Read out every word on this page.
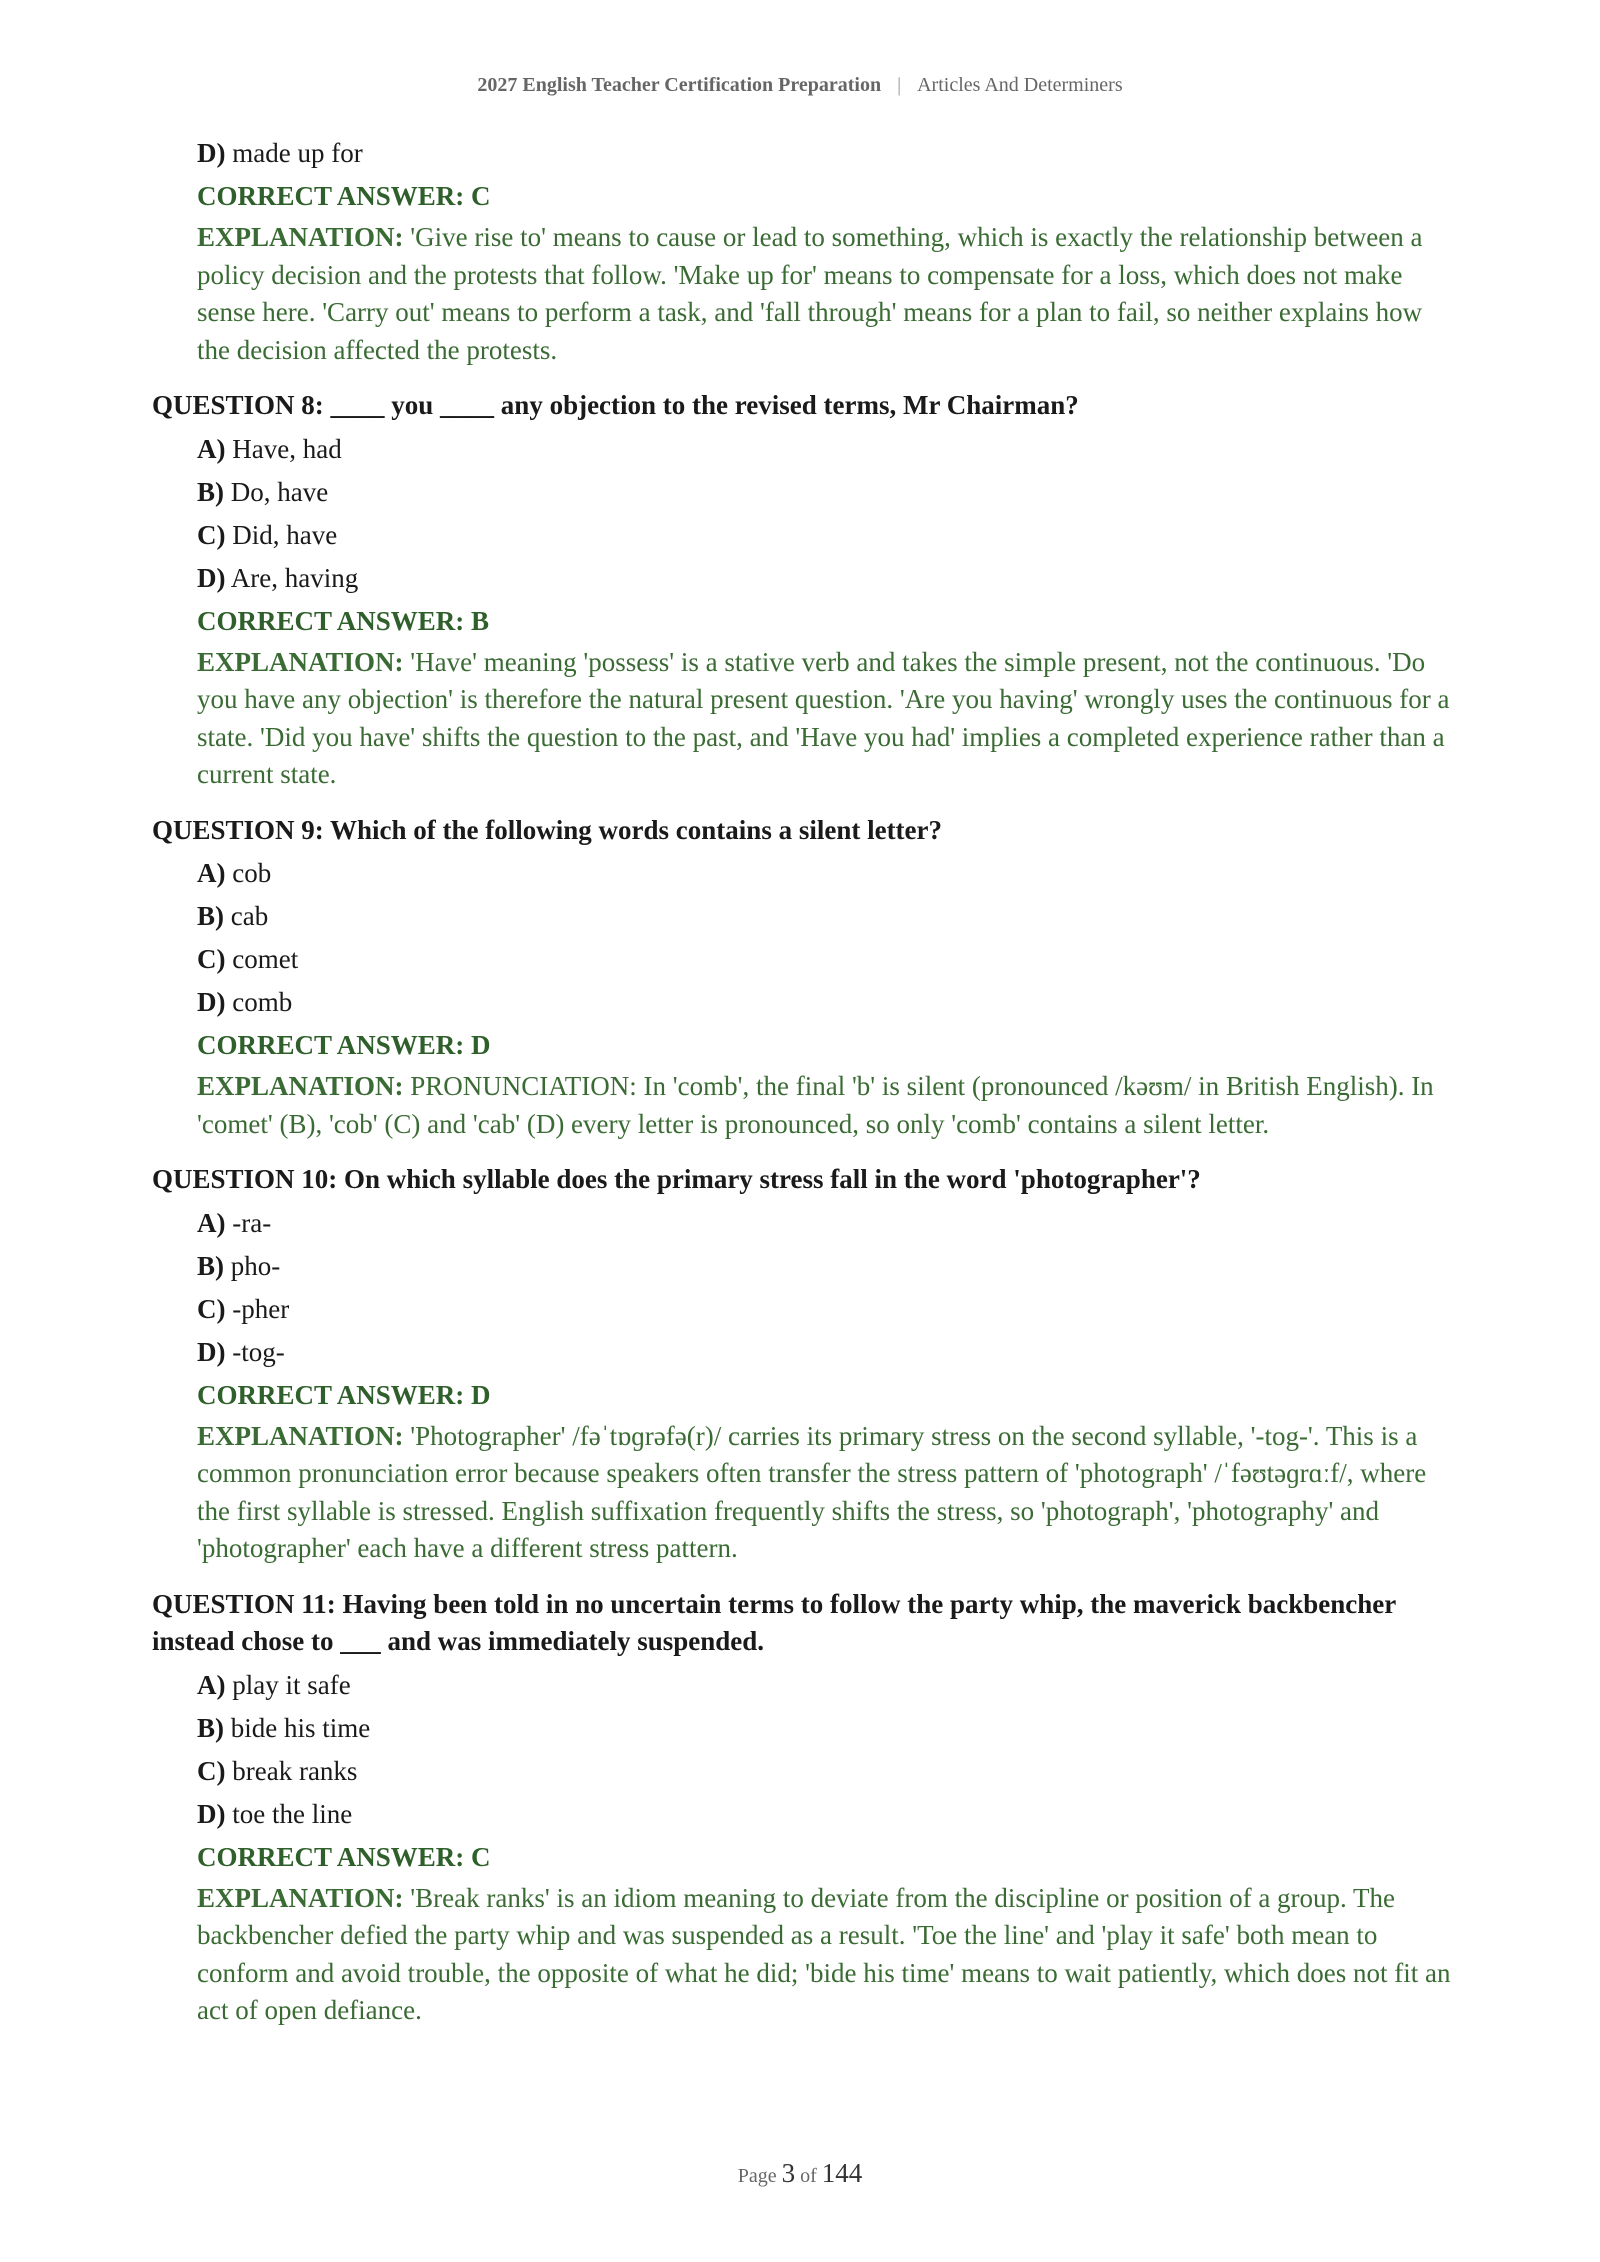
2027 English Teacher Certification Preparation | Articles And Determiners
D) made up for
CORRECT ANSWER: C
EXPLANATION: 'Give rise to' means to cause or lead to something, which is exactly the relationship between a policy decision and the protests that follow. 'Make up for' means to compensate for a loss, which does not make sense here. 'Carry out' means to perform a task, and 'fall through' means for a plan to fail, so neither explains how the decision affected the protests.
QUESTION 8: ____ you ____ any objection to the revised terms, Mr Chairman?
A) Have, had
B) Do, have
C) Did, have
D) Are, having
CORRECT ANSWER: B
EXPLANATION: 'Have' meaning 'possess' is a stative verb and takes the simple present, not the continuous. 'Do you have any objection' is therefore the natural present question. 'Are you having' wrongly uses the continuous for a state. 'Did you have' shifts the question to the past, and 'Have you had' implies a completed experience rather than a current state.
QUESTION 9: Which of the following words contains a silent letter?
A) cob
B) cab
C) comet
D) comb
CORRECT ANSWER: D
EXPLANATION: PRONUNCIATION: In 'comb', the final 'b' is silent (pronounced /kəʊm/ in British English). In 'comet' (B), 'cob' (C) and 'cab' (D) every letter is pronounced, so only 'comb' contains a silent letter.
QUESTION 10: On which syllable does the primary stress fall in the word 'photographer'?
A) -ra-
B) pho-
C) -pher
D) -tog-
CORRECT ANSWER: D
EXPLANATION: 'Photographer' /fəˈtɒɡrəfə(r)/ carries its primary stress on the second syllable, '-tog-'. This is a common pronunciation error because speakers often transfer the stress pattern of 'photograph' /ˈfəʊtəɡrɑːf/, where the first syllable is stressed. English suffixation frequently shifts the stress, so 'photograph', 'photography' and 'photographer' each have a different stress pattern.
QUESTION 11: Having been told in no uncertain terms to follow the party whip, the maverick backbencher instead chose to ___ and was immediately suspended.
A) play it safe
B) bide his time
C) break ranks
D) toe the line
CORRECT ANSWER: C
EXPLANATION: 'Break ranks' is an idiom meaning to deviate from the discipline or position of a group. The backbencher defied the party whip and was suspended as a result. 'Toe the line' and 'play it safe' both mean to conform and avoid trouble, the opposite of what he did; 'bide his time' means to wait patiently, which does not fit an act of open defiance.
Page 3 of 144
